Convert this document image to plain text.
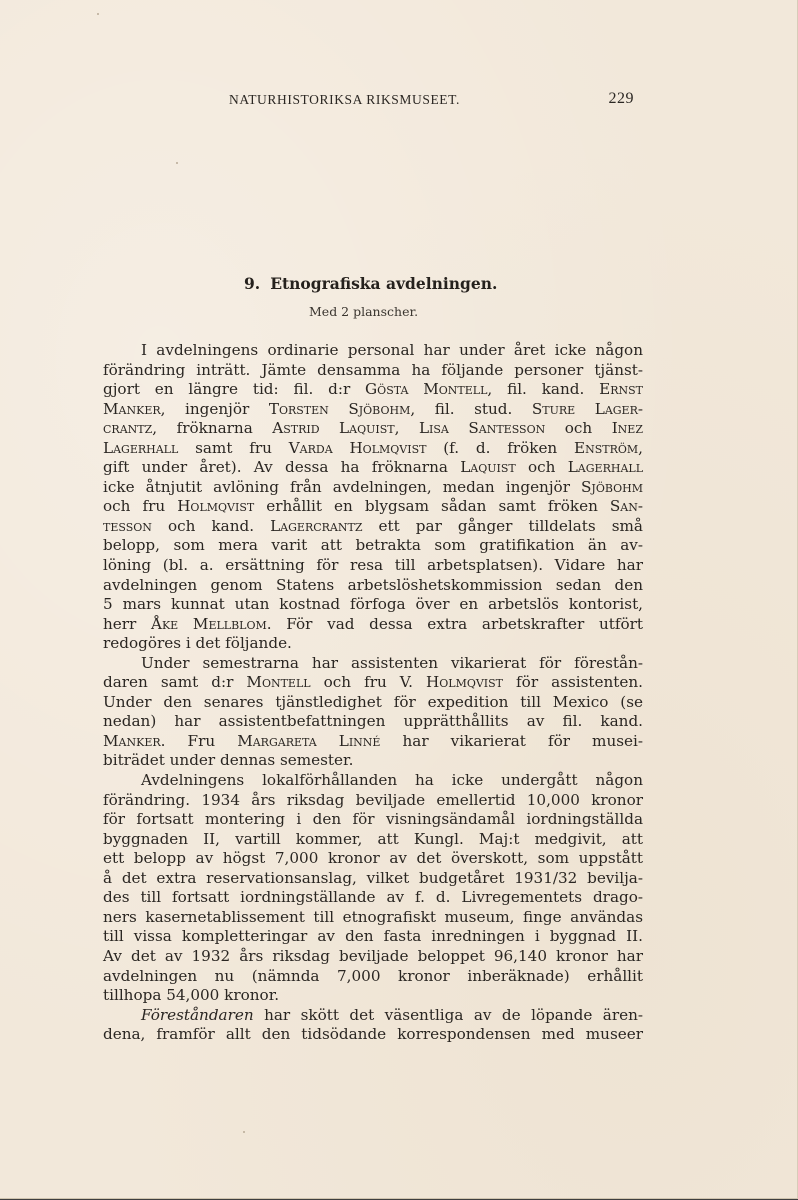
NATURHISTORIKSA RIKSMUSEET.	229
9. Etnografiska avdelningen.
Med 2 planscher.
I avdelningens ordinarie personal har under året icke någon
förändring inträtt. Jämte densamma ha följande personer tjänst-
gjort en längre tid: fil. d:r Gösta Montell, fil. kand. Ernst
Manker, ingenjör Torsten Sjöbohm, fil. stud. Sture Lager-
crantz, fröknarna Astrid Laquist, Lisa Santesson och Inez
Lagerhall samt fru Varda Holmqvist (f. d. fröken Enström,
gift under året). Av dessa ha fröknarna Laquist och Lagerhall
icke åtnjutit avlöning från avdelningen, medan ingenjör Sjöbohm
och fru Holmqvist erhållit en blygsam sådan samt fröken San-
tesson och kand. Lagercrantz ett par gånger tilldelats små
belopp, som mera varit att betrakta som gratifikation än av-
löning (bl. a. ersättning för resa till arbetsplatsen). Vidare har
avdelningen genom Statens arbetslöshetskommission sedan den
5 mars kunnat utan kostnad förfoga över en arbetslös kontorist,
herr Åke Mellblom. För vad dessa extra arbetskrafter utfört
redogöres i det följande.
Under semestrarna har assistenten vikarierat för förestån-
daren samt d:r Montell och fru V. Holmqvist för assistenten.
Under den senares tjänstledighet för expedition till Mexico (se
nedan) har assistentbefattningen upprätthållits av fil. kand.
Manker. Fru Margareta Linné har vikarierat för musei-
biträdet under dennas semester.
Avdelningens lokalförhållanden ha icke undergått någon
förändring. 1934 års riksdag beviljade emellertid 10,000 kronor
för fortsatt montering i den för visningsändamål iordningställda
byggnaden II, vartill kommer, att Kungl. Maj:t medgivit, att
ett belopp av högst 7,000 kronor av det överskott, som uppstått
å det extra reservationsanslag, vilket budgetåret 1931/32 bevilja-
des till fortsatt iordningställande av f. d. Livregementets drago-
ners kasernetablissement till etnografiskt museum, finge användas
till vissa kompletteringar av den fasta inredningen i byggnad II.
Av det av 1932 års riksdag beviljade beloppet 96,140 kronor har
avdelningen nu (nämnda 7,000 kronor inberäknade) erhållit
tillhopa 54,000 kronor.
Föreståndaren har skött det väsentliga av de löpande ären-
dena, framför allt den tidsödande korrespondensen med museer
